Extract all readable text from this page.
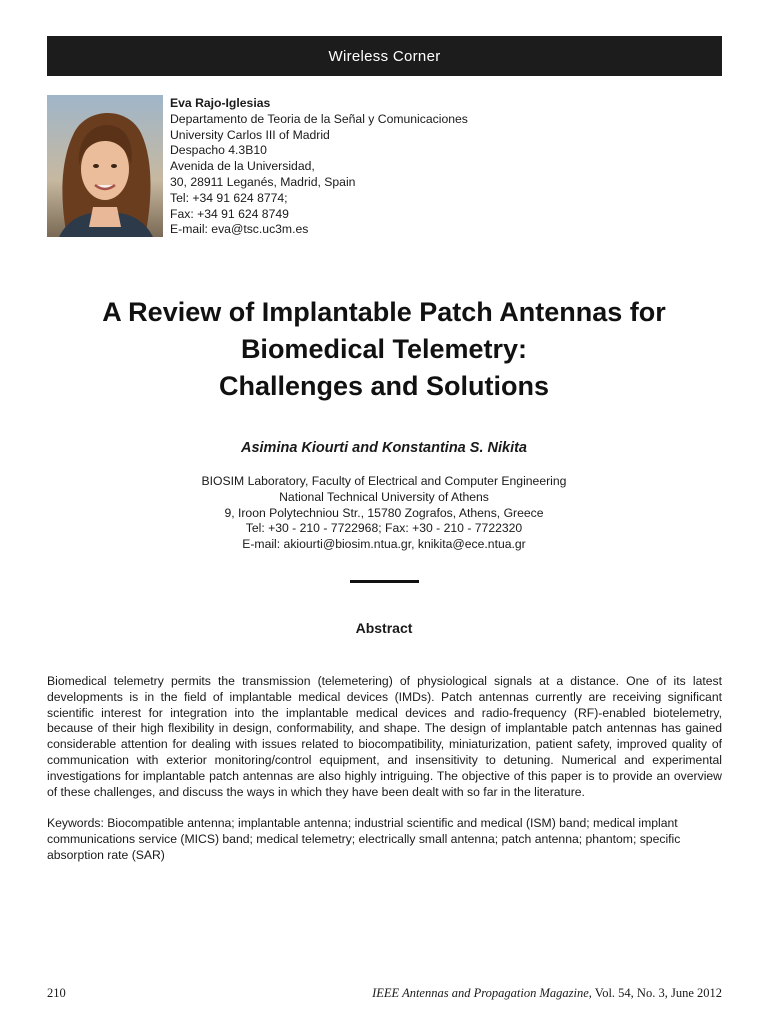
Wireless Corner
Eva Rajo-Iglesias
Departamento de Teoria de la Señal y Comunicaciones
University Carlos III of Madrid
Despacho 4.3B10
Avenida de la Universidad,
30, 28911 Leganés, Madrid, Spain
Tel: +34 91 624 8774;
Fax: +34 91 624 8749
E-mail: eva@tsc.uc3m.es
A Review of Implantable Patch Antennas for
Biomedical Telemetry:
Challenges and Solutions
Asimina Kiourti and Konstantina S. Nikita
BIOSIM Laboratory, Faculty of Electrical and Computer Engineering
National Technical University of Athens
9, Iroon Polytechniou Str., 15780 Zografos, Athens, Greece
Tel: +30 - 210 - 7722968; Fax: +30 - 210 - 7722320
E-mail: akiourti@biosim.ntua.gr, knikita@ece.ntua.gr
Abstract
Biomedical telemetry permits the transmission (telemetering) of physiological signals at a distance. One of its latest developments is in the field of implantable medical devices (IMDs). Patch antennas currently are receiving significant scientific interest for integration into the implantable medical devices and radio-frequency (RF)-enabled biotelemetry, because of their high flexibility in design, conformability, and shape. The design of implantable patch antennas has gained considerable attention for dealing with issues related to biocompatibility, miniaturization, patient safety, improved quality of communication with exterior monitoring/control equipment, and insensitivity to detuning. Numerical and experimental investigations for implantable patch antennas are also highly intriguing. The objective of this paper is to provide an overview of these challenges, and discuss the ways in which they have been dealt with so far in the literature.
Keywords: Biocompatible antenna; implantable antenna; industrial scientific and medical (ISM) band; medical implant communications service (MICS) band; medical telemetry; electrically small antenna; patch antenna; phantom; specific absorption rate (SAR)
210	IEEE Antennas and Propagation Magazine, Vol. 54, No. 3, June 2012
